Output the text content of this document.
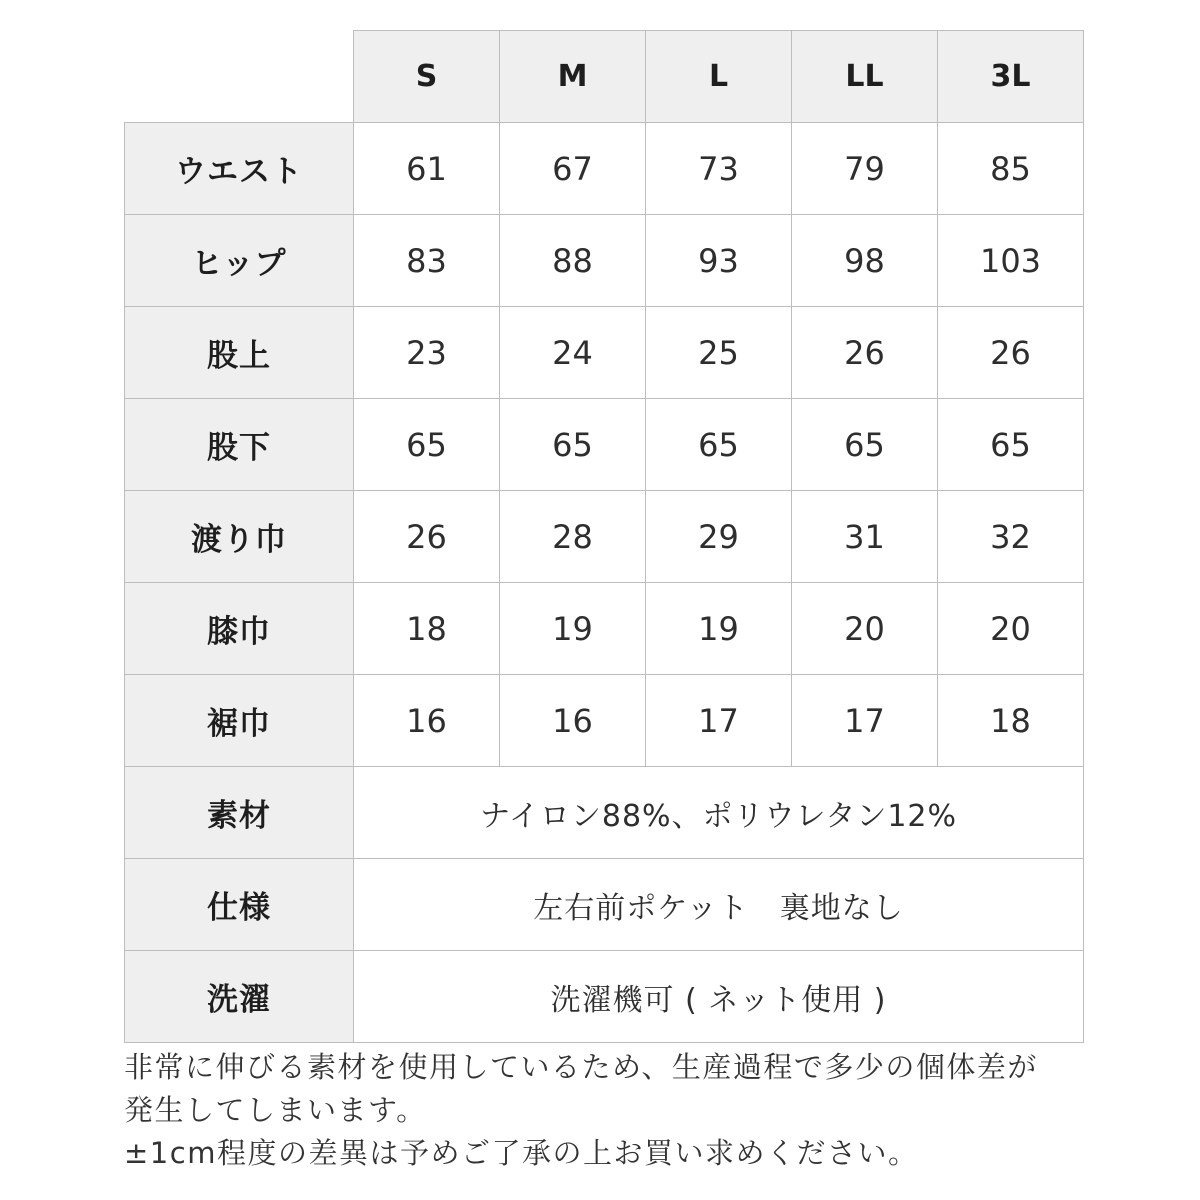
	S	M	L	LL	3L
ウエスト	61	67	73	79	85
ヒップ	83	88	93	98	103
股上	23	24	25	26	26
股下	65	65	65	65	65
渡り巾	26	28	29	31	32
膝巾	18	19	19	20	20
裾巾	16	16	17	17	18
素材	ナイロン88%、ポリウレタン12%				
仕様	左右前ポケット　裏地なし				
洗濯	洗濯機可 ( ネット使用 )				

非常に伸びる素材を使用しているため、生産過程で多少の個体差が

発生してしまいます。

±1cm程度の差異は予めご了承の上お買い求めください。
